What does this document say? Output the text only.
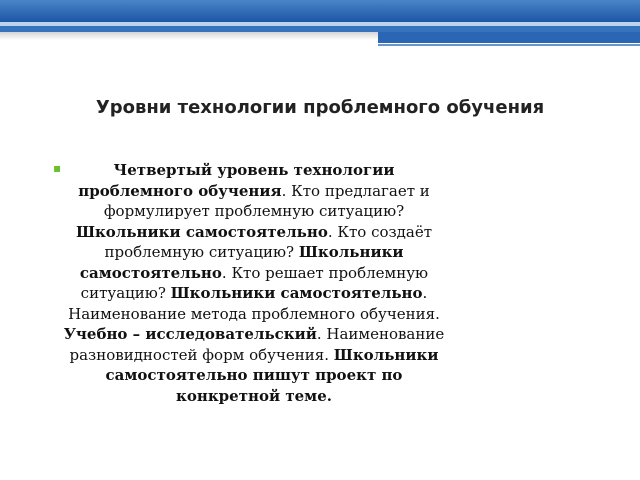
Уровни технологии проблемного обучения
▪	Четвертый уровень технологии проблемного обучения. Кто предлагает и формулирует проблемную ситуацию? Школьники самостоятельно. Кто создаёт проблемную ситуацию? Школьники самостоятельно. Кто решает проблемную ситуацию? Школьники самостоятельно. Наименование метода проблемного обучения. Учебно – исследовательский. Наименование разновидностей форм обучения. Школьники самостоятельно пишут проект по конкретной теме.
